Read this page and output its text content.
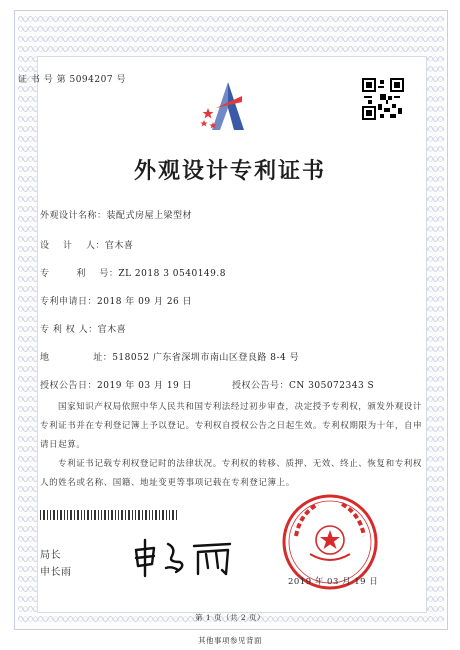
证 书 号 第 5094207 号
外观设计专利证书
外观设计名称：装配式房屋上梁型材
设    计    人：官木喜
专        利    号：ZL 2018 3 0540149.8
专利申请日：2018 年 09 月 26 日
专 利 权 人：官木喜
地             址：518052 广东省深圳市南山区登良路 8-4 号
授权公告日：2019 年 03 月 19 日	授权公告号：CN 305072343 S

国家知识产权局依照中华人民共和国专利法经过初步审查，决定授予专利权，颁发外观设计专利证书并在专利登记簿上予以登记。专利权自授权公告之日起生效。专利权期限为十年，自申请日起算。

专利证书记载专利权登记时的法律状况。专利权的转移、质押、无效、终止、恢复和专利权人的姓名或名称、国籍、地址变更等事项记载在专利登记簿上。

局长
申长雨
2019 年 03 月 19 日
第 1 页（共 2 页）
其他事项参见背面
